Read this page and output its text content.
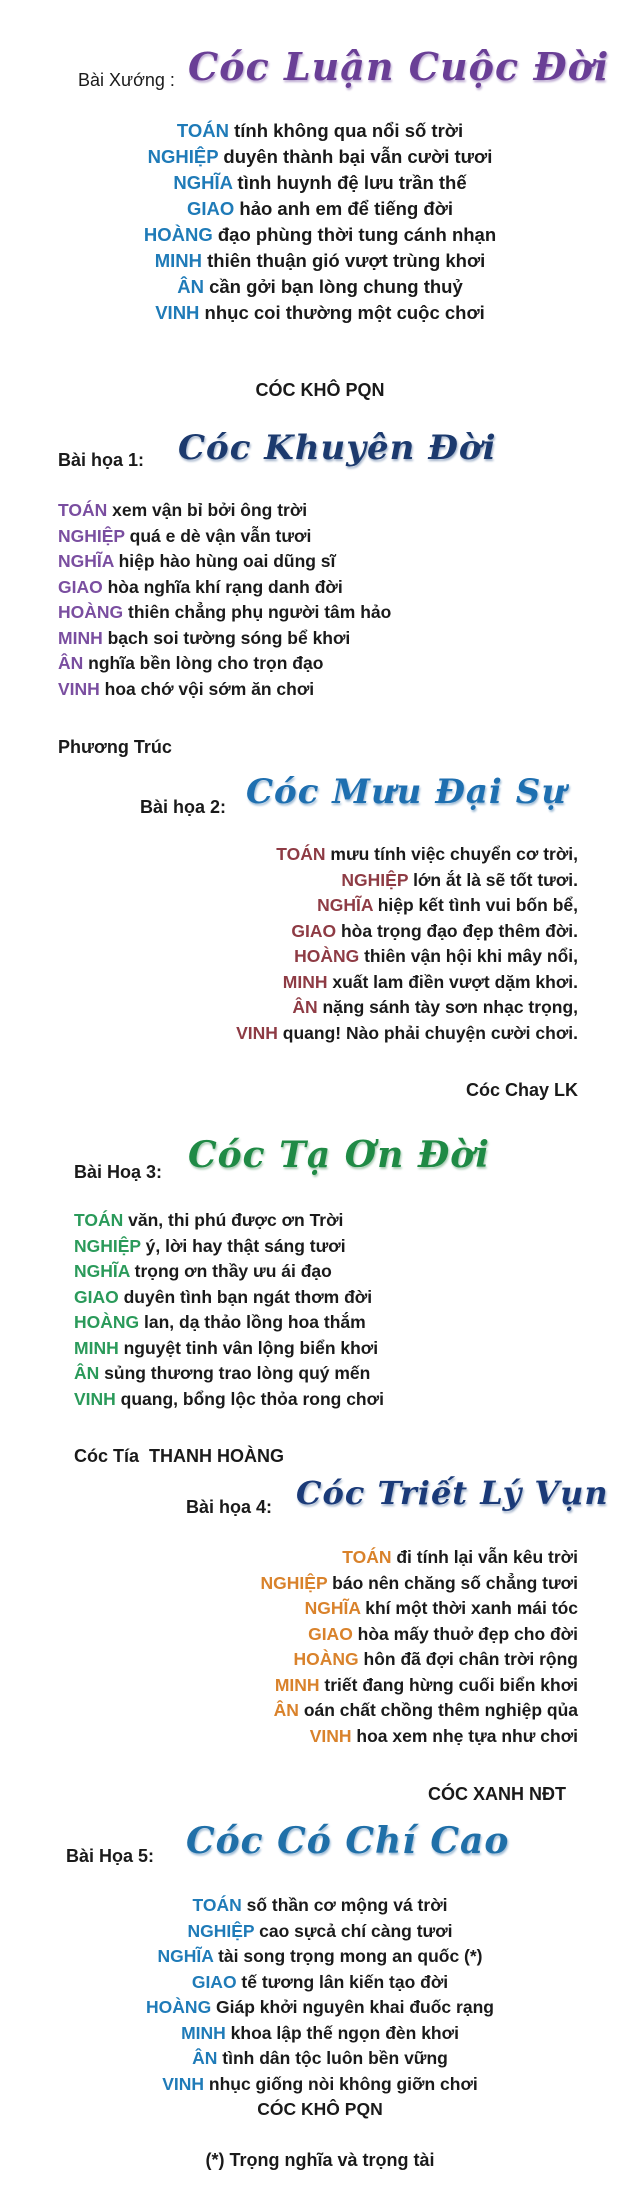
Bài Xướng : Cóc Luận Cuộc Đời
TOÁN tính không qua nổi số trời
NGHIỆP duyên thành bại vẫn cười tươi
NGHĨA tình huynh đệ lưu trần thế
GIAO hảo anh em để tiếng đời
HOÀNG đạo phùng thời tung cánh nhạn
MINH thiên thuận gió vượt trùng khơi
ÂN cần gởi bạn lòng chung thuỷ
VINH nhục coi thường một cuộc chơi
CÓC KHÔ PQN
Bài họa 1: Cóc Khuyên Đời
TOÁN xem vận bỉ bởi ông trời
NGHIỆP quá e dè vận vẫn tươi
NGHĨA hiệp hào hùng oai dũng sĩ
GIAO hòa nghĩa khí rạng danh đời
HOÀNG thiên chẳng phụ người tâm hảo
MINH bạch soi tường sóng bể khơi
ÂN nghĩa bền lòng cho trọn đạo
VINH hoa chớ vội sớm ăn chơi
Phương Trúc
Bài họa 2: Cóc Mưu Đại Sự
TOÁN mưu tính việc chuyển cơ trời,
NGHIỆP lớn ắt là sẽ tốt tươi.
NGHĨA hiệp kết tình vui bốn bể,
GIAO hòa trọng đạo đẹp thêm đời.
HOÀNG thiên vận hội khi mây nổi,
MINH xuất lam điền vượt dặm khơi.
ÂN nặng sánh tày sơn nhạc trọng,
VINH quang! Nào phải chuyện cười chơi.
Cóc Chay LK
Bài Hoạ 3: Cóc Tạ Ơn Đời
TOÁN văn, thi phú được ơn Trời
NGHIỆP ý, lời hay thật sáng tươi
NGHĨA trọng ơn thầy ưu ái đạo
GIAO duyên tình bạn ngát thơm đời
HOÀNG lan, dạ thảo lồng hoa thắm
MINH nguyệt tinh vân lộng biển khơi
ÂN sủng thương trao lòng quý mến
VINH quang, bổng lộc thỏa rong chơi
Cóc Tía  THANH HOÀNG
Bài họa 4: Cóc Triết Lý Vụn
TOÁN đi tính lại vẫn kêu trời
NGHIỆP báo nên chăng số chẳng tươi
NGHĨA khí một thời xanh mái tóc
GIAO hòa mấy thuở đẹp cho đời
HOÀNG hôn đã đợi chân trời rộng
MINH triết đang hừng cuối biển khơi
ÂN oán chất chồng thêm nghiệp qủa
VINH hoa xem nhẹ tựa như chơi
CÓC XANH NĐT
Bài Họa 5: Cóc Có Chí Cao
TOÁN số thần cơ mộng vá trời
NGHIỆP cao sựcả chí càng tươi
NGHĨA tài song trọng mong an quốc (*)
GIAO tế tương lân kiến tạo đời
HOÀNG Giáp khởi nguyên khai đuốc rạng
MINH khoa lập thế ngọn đèn khơi
ÂN tình dân tộc luôn bền vững
VINH nhục giống nòi không giỡn chơi
CÓC KHÔ PQN
(*) Trọng nghĩa và trọng tài
